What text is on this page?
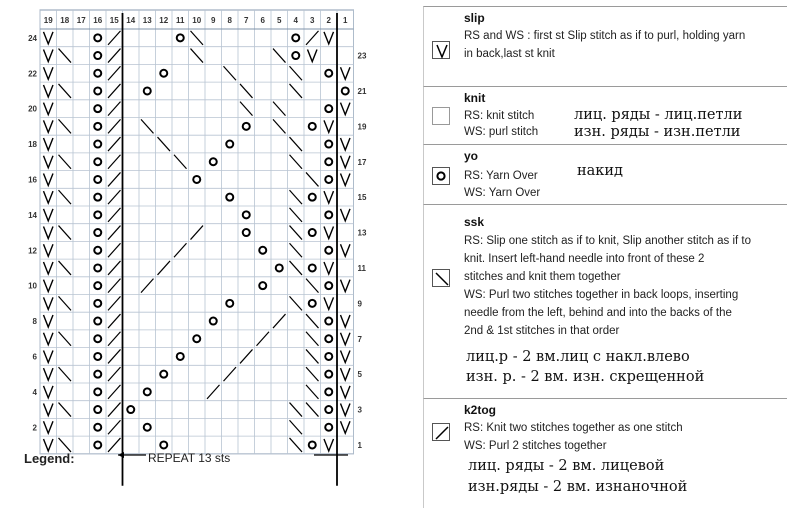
19 18 17 16 15 14 13 12 11 10 9 8 7 6 5 4 3 2 1
24
22
20
18
16
14
12
10
8
6
4
2
23
21
19
17
15
13
11
9
7
5
3
1
Legend:	REPEAT 13 sts
slip
RS and WS : first st Slip stitch as if to purl, holding yarn
in back,last st knit
knit
RS: knit stitch
WS: purl stitch
лиц. ряды - лиц.петли
изн. ряды - изн.петли
yo
RS: Yarn Over
WS: Yarn Over
накид
ssk
RS: Slip one stitch as if to knit, Slip another stitch as if to
knit. Insert left-hand needle into front of these 2
stitches and knit them together
WS: Purl two stitches together in back loops, inserting
needle from the left, behind and into the backs of the
2nd & 1st stitches in that order
лиц.р - 2 вм.лиц с накл.влево
изн. р. - 2 вм. изн. скрещенной
k2tog
RS: Knit two stitches together as one stitch
WS: Purl 2 stitches together
лиц. ряды - 2 вм. лицевой
изн.ряды - 2 вм. изнаночной
